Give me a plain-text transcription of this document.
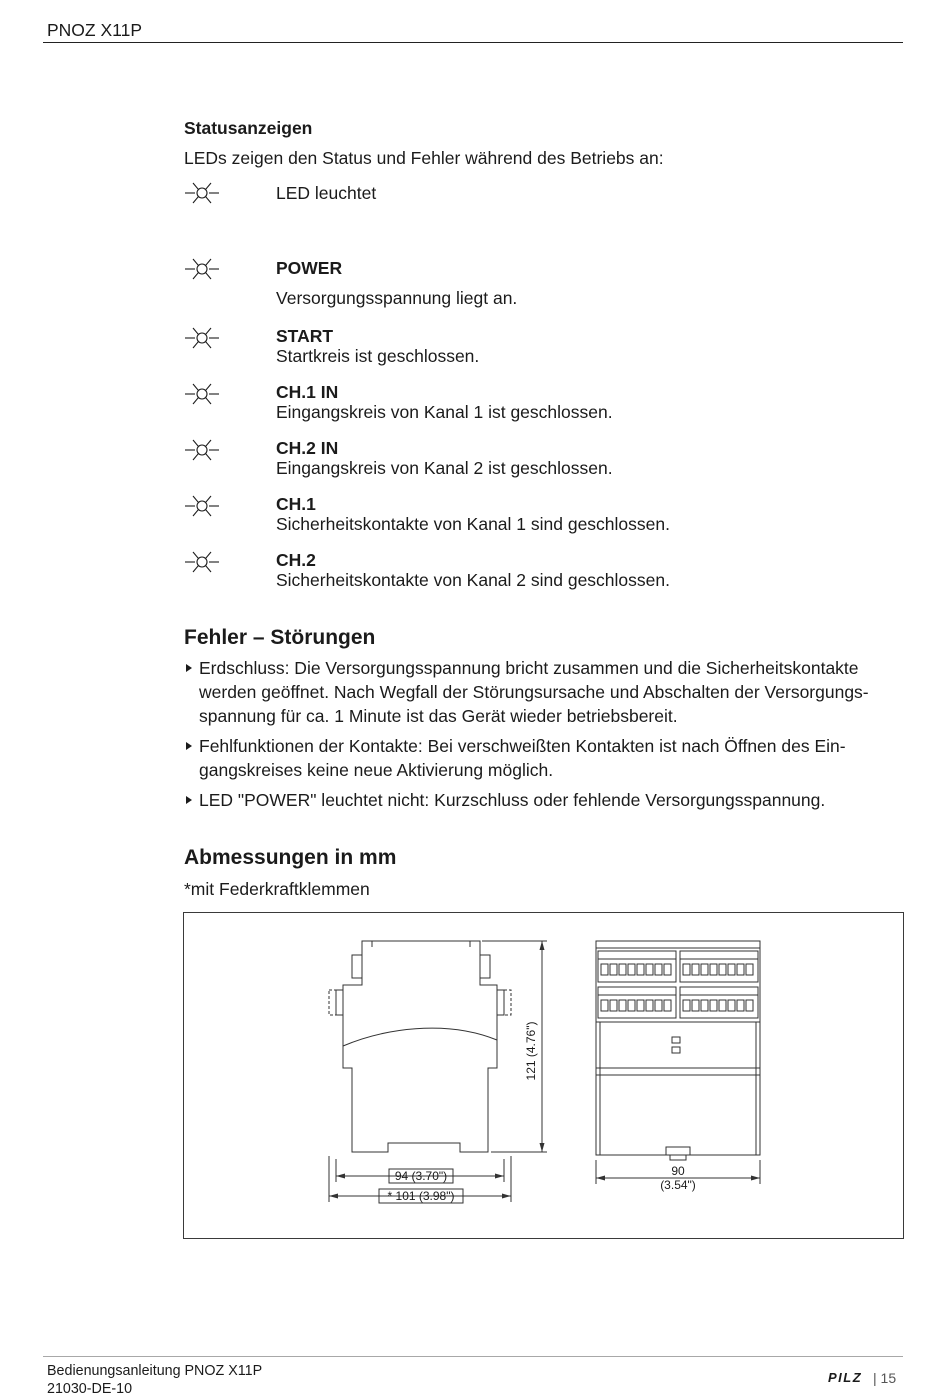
PNOZ X11P
Statusanzeigen
LEDs zeigen den Status und Fehler während des Betriebs an:
LED leuchtet
POWER
Versorgungsspannung liegt an.
START
Startkreis ist geschlossen.
CH.1 IN
Eingangskreis von Kanal 1 ist geschlossen.
CH.2 IN
Eingangskreis von Kanal 2 ist geschlossen.
CH.1
Sicherheitskontakte von Kanal 1 sind geschlossen.
CH.2
Sicherheitskontakte von Kanal 2 sind geschlossen.
Fehler – Störungen
Erdschluss: Die Versorgungsspannung bricht zusammen und die Sicherheitskontakte
werden geöffnet. Nach Wegfall der Störungsursache und Abschalten der Versorgungs-
spannung für ca. 1 Minute ist das Gerät wieder betriebsbereit.
Fehlfunktionen der Kontakte: Bei verschweißten Kontakten ist nach Öffnen des Ein-
gangskreises keine neue Aktivierung möglich.
LED "POWER" leuchtet nicht: Kurzschluss oder fehlende Versorgungsspannung.
Abmessungen in mm
*mit Federkraftklemmen
121 (4.76")
94 (3.70")
* 101 (3.98")
90
(3.54")
Bedienungsanleitung PNOZ X11P
21030-DE-10
PILZ | 15
